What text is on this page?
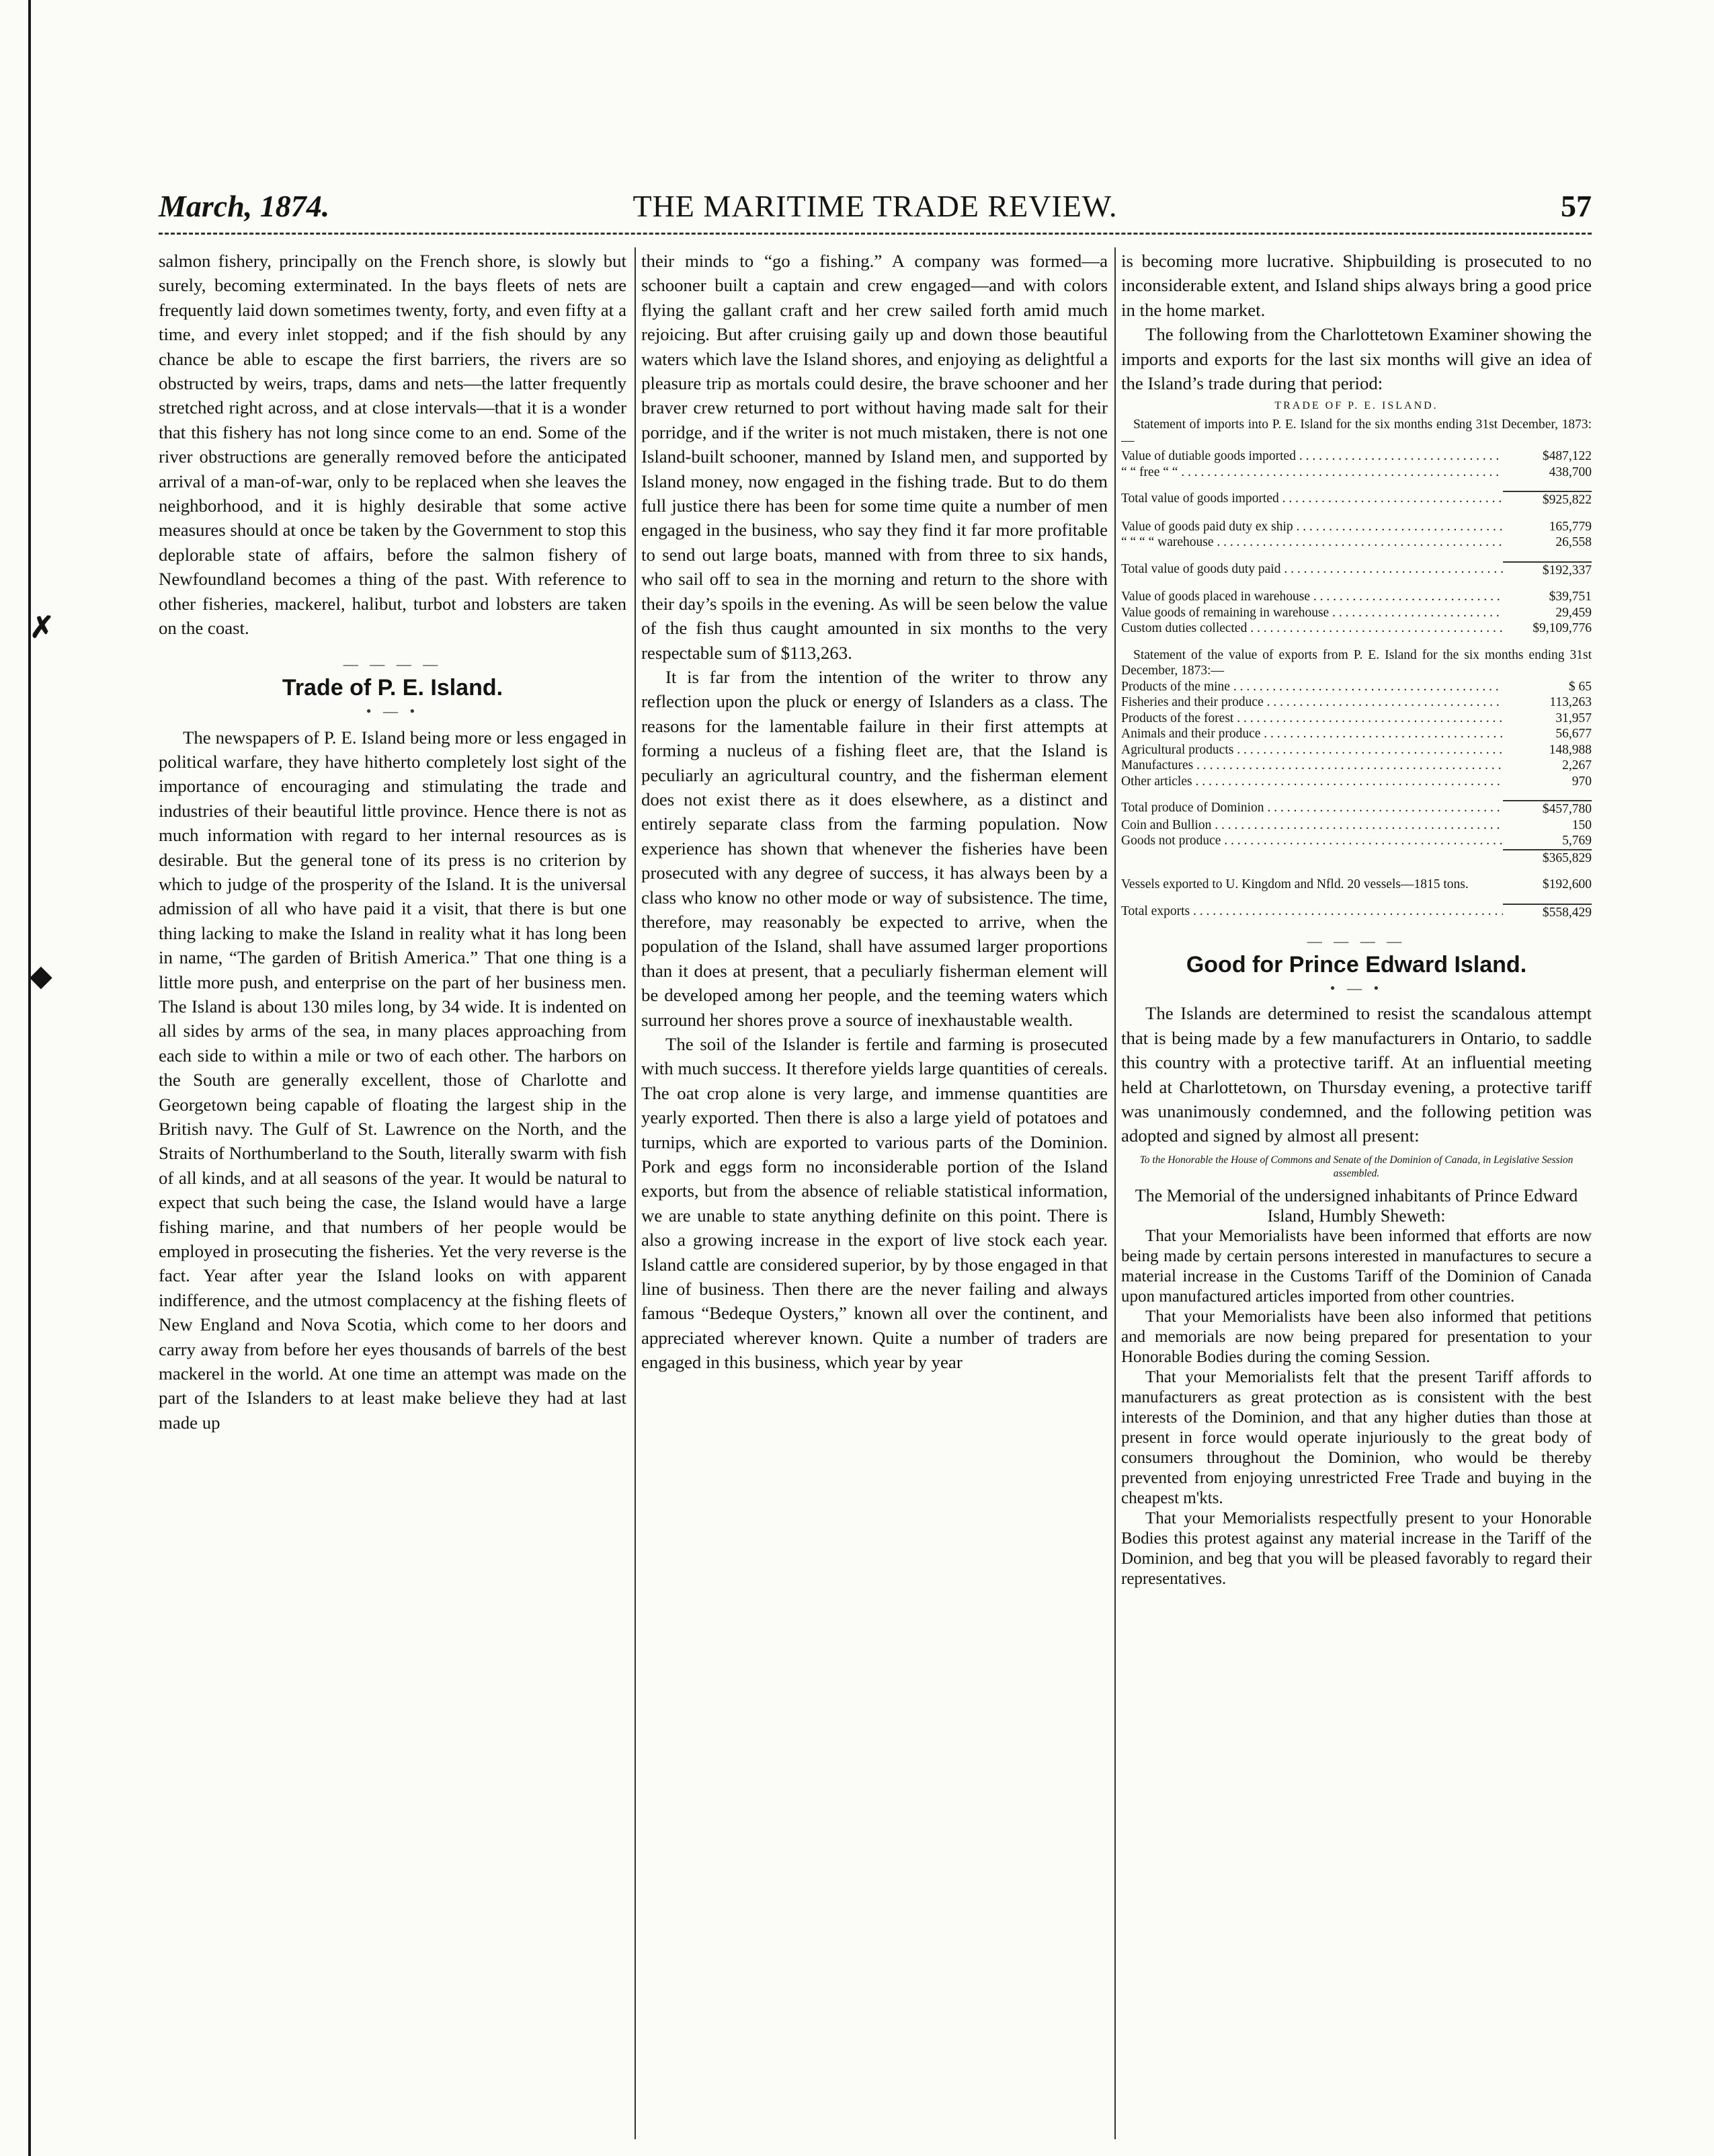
✗
◆
March, 1874.	THE MARITIME TRADE REVIEW.	57

salmon fishery, principally on the French shore, is slowly but surely, becoming exterminated. In the bays fleets of nets are frequently laid down sometimes twenty, forty, and even fifty at a time, and every inlet stopped; and if the fish should by any chance be able to escape the first barriers, the rivers are so obstructed by weirs, traps, dams and nets—the latter frequently stretched right across, and at close intervals—that it is a wonder that this fishery has not long since come to an end. Some of the river obstructions are generally removed before the anticipated arrival of a man-of-war, only to be replaced when she leaves the neighborhood, and it is highly desirable that some active measures should at once be taken by the Government to stop this deplorable state of affairs, before the salmon fishery of Newfoundland becomes a thing of the past. With reference to other fisheries, mackerel, halibut, turbot and lobsters are taken on the coast.

— — — —

Trade of P. E. Island.

• — •

The newspapers of P. E. Island being more or less engaged in political warfare, they have hitherto completely lost sight of the importance of encouraging and stimulating the trade and industries of their beautiful little province. Hence there is not as much information with regard to her internal resources as is desirable. But the general tone of its press is no criterion by which to judge of the prosperity of the Island. It is the universal admission of all who have paid it a visit, that there is but one thing lacking to make the Island in reality what it has long been in name, “The garden of British America.” That one thing is a little more push, and enterprise on the part of her business men. The Island is about 130 miles long, by 34 wide. It is indented on all sides by arms of the sea, in many places approaching from each side to within a mile or two of each other. The harbors on the South are generally excellent, those of Charlotte and Georgetown being capable of floating the largest ship in the British navy. The Gulf of St. Lawrence on the North, and the Straits of Northumberland to the South, literally swarm with fish of all kinds, and at all seasons of the year. It would be natural to expect that such being the case, the Island would have a large fishing marine, and that numbers of her people would be employed in prosecuting the fisheries. Yet the very reverse is the fact. Year after year the Island looks on with apparent indifference, and the utmost complacency at the fishing fleets of New England and Nova Scotia, which come to her doors and carry away from before her eyes thousands of barrels of the best mackerel in the world. At one time an attempt was made on the part of the Islanders to at least make believe they had at last made up

their minds to “go a fishing.” A company was formed—a schooner built a captain and crew engaged—and with colors flying the gallant craft and her crew sailed forth amid much rejoicing. But after cruising gaily up and down those beautiful waters which lave the Island shores, and enjoying as delightful a pleasure trip as mortals could desire, the brave schooner and her braver crew returned to port without having made salt for their porridge, and if the writer is not much mistaken, there is not one Island-built schooner, manned by Island men, and supported by Island money, now engaged in the fishing trade. But to do them full justice there has been for some time quite a number of men engaged in the business, who say they find it far more profitable to send out large boats, manned with from three to six hands, who sail off to sea in the morning and return to the shore with their day’s spoils in the evening. As will be seen below the value of the fish thus caught amounted in six months to the very respectable sum of $113,263.

It is far from the intention of the writer to throw any reflection upon the pluck or energy of Islanders as a class. The reasons for the lamentable failure in their first attempts at forming a nucleus of a fishing fleet are, that the Island is peculiarly an agricultural country, and the fisherman element does not exist there as it does elsewhere, as a distinct and entirely separate class from the farming population. Now experience has shown that whenever the fisheries have been prosecuted with any degree of success, it has always been by a class who know no other mode or way of subsistence. The time, therefore, may reasonably be expected to arrive, when the population of the Island, shall have assumed larger proportions than it does at present, that a peculiarly fisherman element will be developed among her people, and the teeming waters which surround her shores prove a source of inexhaustable wealth.

The soil of the Islander is fertile and farming is prosecuted with much success. It therefore yields large quantities of cereals. The oat crop alone is very large, and immense quantities are yearly exported. Then there is also a large yield of potatoes and turnips, which are exported to various parts of the Dominion. Pork and eggs form no inconsiderable portion of the Island exports, but from the absence of reliable statistical information, we are unable to state anything definite on this point. There is also a growing increase in the export of live stock each year. Island cattle are considered superior, by by those engaged in that line of business. Then there are the never failing and always famous “Bedeque Oysters,” known all over the continent, and appreciated wherever known. Quite a number of traders are engaged in this business, which year by year

is becoming more lucrative. Shipbuilding is prosecuted to no inconsiderable extent, and Island ships always bring a good price in the home market.

The following from the Charlottetown Examiner showing the imports and exports for the last six months will give an idea of the Island’s trade during that period:

TRADE OF P. E. ISLAND.
Statement of imports into P. E. Island for the six months ending 31st December, 1873:—
Value of dutiable goods imported . . .	$487,122
“ “ free “ “ . . .	438,700
Total value of goods imported . . .	$925,822
Value of goods paid duty ex ship . . .	165,779
“ “ “ “ warehouse . . .	26,558
Total value of goods duty paid . . .	$192,337
Value of goods placed in warehouse . . .	$39,751
Value goods of remaining in warehouse . . .	29,459
Custom duties collected . . .	$9,109,776
Statement of the value of exports from P. E. Island for the six months ending 31st December, 1873:—
Products of the mine . . .	$ 65
Fisheries and their produce . . .	113,263
Products of the forest . . .	31,957
Animals and their produce . . .	56,677
Agricultural products . . .	148,988
Manufactures . . .	2,267
Other articles . . .	970
Total produce of Dominion . . .	$457,780
Coin and Bullion . . .	150
Goods not produce . . .	5,769
$365,829
Vessels exported to U. Kingdom and Nfld. 20 vessels—1815 tons.	$192,600
Total exports . . .	$558,429
— — — —

Good for Prince Edward Island.

• — •

The Islands are determined to resist the scandalous attempt that is being made by a few manufacturers in Ontario, to saddle this country with a protective tariff. At an influential meeting held at Charlottetown, on Thursday evening, a protective tariff was unanimously condemned, and the following petition was adopted and signed by almost all present:

To the Honorable the House of Commons and Senate of the Dominion of Canada, in Legislative Session assembled.

The Memorial of the undersigned inhabitants of Prince Edward Island, Humbly Sheweth:

That your Memorialists have been informed that efforts are now being made by certain persons interested in manufactures to secure a material increase in the Customs Tariff of the Dominion of Canada upon manufactured articles imported from other countries.

That your Memorialists have been also informed that petitions and memorials are now being prepared for presentation to your Honorable Bodies during the coming Session.

That your Memorialists felt that the present Tariff affords to manufacturers as great protection as is consistent with the best interests of the Dominion, and that any higher duties than those at present in force would operate injuriously to the great body of consumers throughout the Dominion, who would be thereby prevented from enjoying unrestricted Free Trade and buying in the cheapest m'kts.

That your Memorialists respectfully present to your Honorable Bodies this protest against any material increase in the Tariff of the Dominion, and beg that you will be pleased favorably to regard their representatives.
